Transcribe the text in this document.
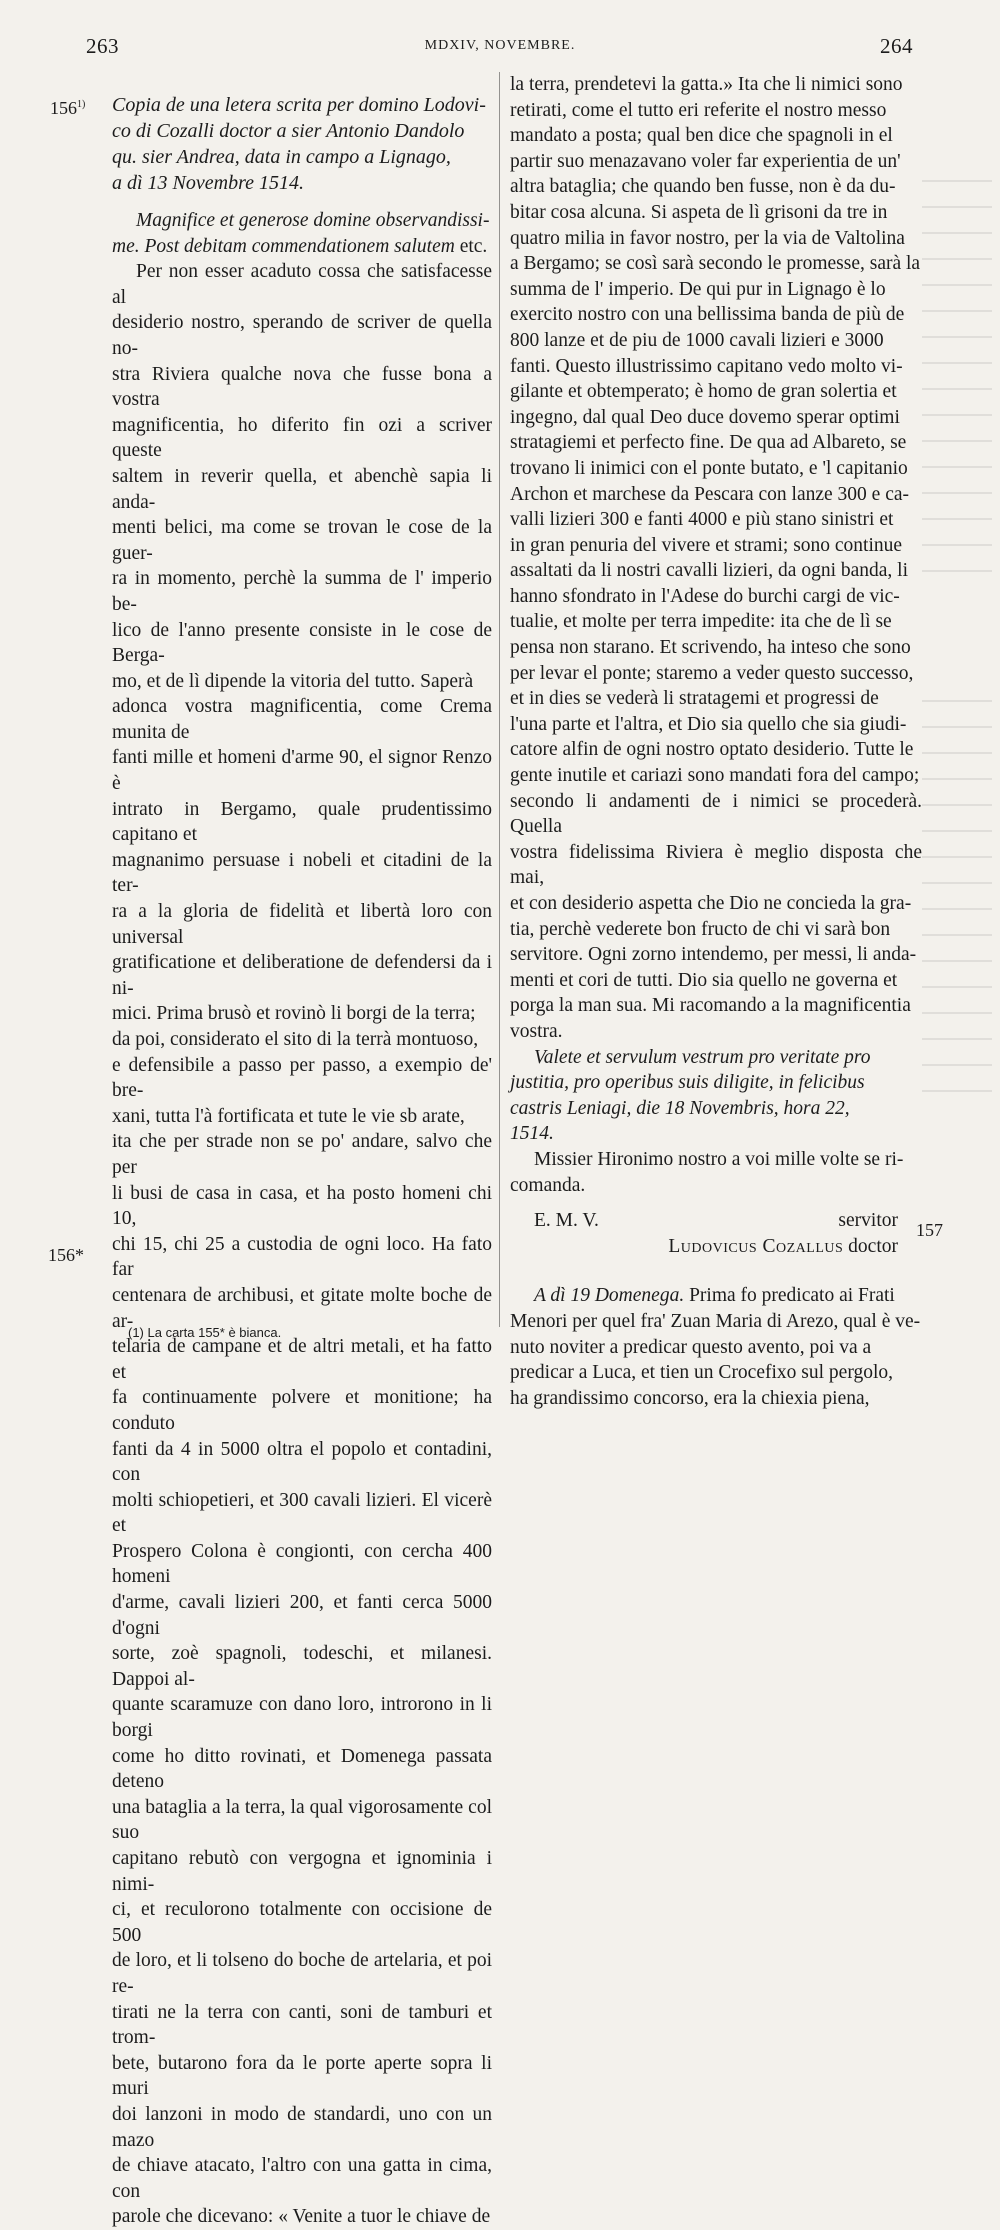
263	MDXIV, NOVEMBRE.	264
156$^{1)}$
156*
157

Copia de una letera scrita per domino Lodovi-

co di Cozalli doctor a sier Antonio Dandolo

qu. sier Andrea, data in campo a Lignago,

a dì 13 Novembre 1514.

Magnifice et generose domine observandissi-

me. Post debitam commendationem salutem etc.

Per non esser acaduto cossa che satisfacesse al

desiderio nostro, sperando de scriver de quella no-

stra Riviera qualche nova che fusse bona a vostra

magnificentia, ho diferito fin ozi a scriver queste

saltem in reverir quella, et abenchè sapia li anda-

menti belici, ma come se trovan le cose de la guer-

ra in momento, perchè la summa de l' imperio be-

lico de l'anno presente consiste in le cose de Berga-

mo, et de lì dipende la vitoria del tutto. Saperà

adonca vostra magnificentia, come Crema munita de

fanti mille et homeni d'arme 90, el signor Renzo è

intrato in Bergamo, quale prudentissimo capitano et

magnanimo persuase i nobeli et citadini de la ter-

ra a la gloria de fidelità et libertà loro con universal

gratificatione et deliberatione de defendersi da i ni-

mici. Prima brusò et rovinò li borgi de la terra;

da poi, considerato el sito di la terrà montuoso,

e defensibile a passo per passo, a exempio de' bre-

xani, tutta l'à fortificata et tute le vie sb arate,

ita che per strade non se po' andare, salvo che per

li busi de casa in casa, et ha posto homeni chi 10,

chi 15, chi 25 a custodia de ogni loco. Ha fato far

centenara de archibusi, et gitate molte boche de ar-

telaria de campane et de altri metali, et ha fatto et

fa continuamente polvere et monitione; ha conduto

fanti da 4 in 5000 oltra el popolo et contadini, con

molti schiopetieri, et 300 cavali lizieri. El vicerè et

Prospero Colona è congionti, con cercha 400 homeni

d'arme, cavali lizieri 200, et fanti cerca 5000 d'ogni

sorte, zoè spagnoli, todeschi, et milanesi. Dappoi al-

quante scaramuze con dano loro, introrono in li borgi

come ho ditto rovinati, et Domenega passata deteno

una bataglia a la terra, la qual vigorosamente col suo

capitano rebutò con vergogna et ignominia i nimi-

ci, et reculorono totalmente con occisione de 500

de loro, et li tolseno do boche de artelaria, et poi re-

tirati ne la terra con canti, soni de tamburi et trom-

bete, butarono fora da le porte aperte sopra li muri

doi lanzoni in modo de standardi, uno con un mazo

de chiave atacato, l'altro con una gatta in cima, con

parole che dicevano: « Venite a tuor le chiave de

la terra, prendetevi la gatta.» Ita che li nimici sono

retirati, come el tutto eri referite el nostro messo

mandato a posta; qual ben dice che spagnoli in el

partir suo menazavano voler far experientia de un'

altra bataglia; che quando ben fusse, non è da du-

bitar cosa alcuna. Si aspeta de lì grisoni da tre in

quatro milia in favor nostro, per la via de Valtolina

a Bergamo; se così sarà secondo le promesse, sarà la

summa de l' imperio. De qui pur in Lignago è lo

exercito nostro con una bellissima banda de più de

800 lanze et de piu de 1000 cavali lizieri e 3000

fanti. Questo illustrissimo capitano vedo molto vi-

gilante et obtemperato; è homo de gran solertia et

ingegno, dal qual Deo duce dovemo sperar optimi

stratagiemi et perfecto fine. De qua ad Albareto, se

trovano li inimici con el ponte butato, e 'l capitanio

Archon et marchese da Pescara con lanze 300 e ca-

valli lizieri 300 e fanti 4000 e più stano sinistri et

in gran penuria del vivere et strami; sono continue

assaltati da li nostri cavalli lizieri, da ogni banda, li

hanno sfondrato in l'Adese do burchi cargi de vic-

tualie, et molte per terra impedite: ita che de lì se

pensa non starano. Et scrivendo, ha inteso che sono

per levar el ponte; staremo a veder questo successo,

et in dies se vederà li stratagemi et progressi de

l'una parte et l'altra, et Dio sia quello che sia giudi-

catore alfin de ogni nostro optato desiderio. Tutte le

gente inutile et cariazi sono mandati fora del campo;

secondo li andamenti de i nimici se procederà. Quella

vostra fidelissima Riviera è meglio disposta che mai,

et con desiderio aspetta che Dio ne concieda la gra-

tia, perchè vederete bon fructo de chi vi sarà bon

servitore. Ogni zorno intendemo, per messi, li anda-

menti et cori de tutti. Dio sia quello ne governa et

porga la man sua. Mi racomando a la magnificentia

vostra.

Valete et servulum vestrum pro veritate pro

justitia, pro operibus suis diligite, in felicibus

castris Leniagi, die 18 Novembris, hora 22,

1514.

Missier Hironimo nostro a voi mille volte se ri-

comanda.

E. M. V.	servitor

Ludovicus Cozallus doctor

A dì 19 Domenega. Prima fo predicato ai Frati

Menori per quel fra' Zuan Maria di Arezo, qual è ve-

nuto noviter a predicar questo avento, poi va a

predicar a Luca, et tien un Crocefixo sul pergolo,

ha grandissimo concorso, era la chiexia piena,

(1) La carta 155* è bianca.
